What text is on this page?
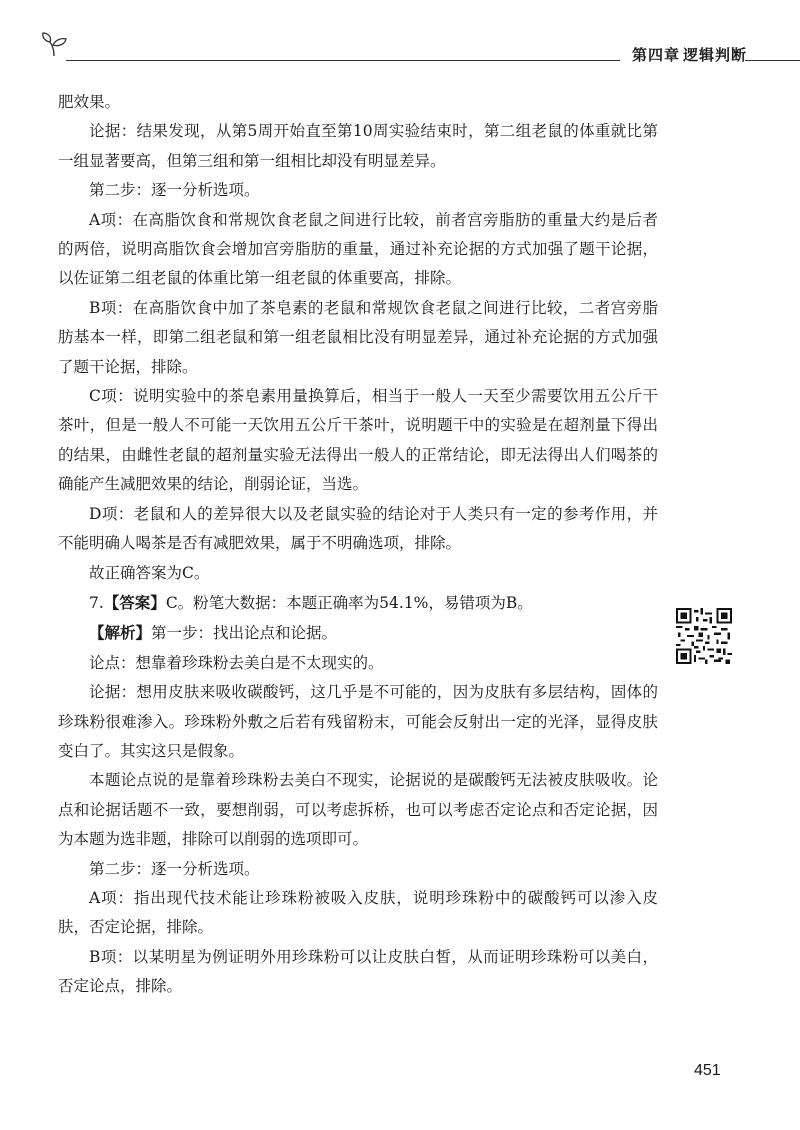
第四章 逻辑判断

肥效果。

论据：结果发现，从第5周开始直至第10周实验结束时，第二组老鼠的体重就比第一组显著要高，但第三组和第一组相比却没有明显差异。

第二步：逐一分析选项。

A项：在高脂饮食和常规饮食老鼠之间进行比较，前者宫旁脂肪的重量大约是后者的两倍，说明高脂饮食会增加宫旁脂肪的重量，通过补充论据的方式加强了题干论据，以佐证第二组老鼠的体重比第一组老鼠的体重要高，排除。

B项：在高脂饮食中加了茶皂素的老鼠和常规饮食老鼠之间进行比较，二者宫旁脂肪基本一样，即第二组老鼠和第一组老鼠相比没有明显差异，通过补充论据的方式加强了题干论据，排除。

C项：说明实验中的茶皂素用量换算后，相当于一般人一天至少需要饮用五公斤干茶叶，但是一般人不可能一天饮用五公斤干茶叶，说明题干中的实验是在超剂量下得出的结果，由雌性老鼠的超剂量实验无法得出一般人的正常结论，即无法得出人们喝茶的确能产生减肥效果的结论，削弱论证，当选。

D项：老鼠和人的差异很大以及老鼠实验的结论对于人类只有一定的参考作用，并不能明确人喝茶是否有减肥效果，属于不明确选项，排除。

故正确答案为C。

7.【答案】C。粉笔大数据：本题正确率为54.1%，易错项为B。

【解析】第一步：找出论点和论据。

论点：想靠着珍珠粉去美白是不太现实的。

论据：想用皮肤来吸收碳酸钙，这几乎是不可能的，因为皮肤有多层结构，固体的珍珠粉很难渗入。珍珠粉外敷之后若有残留粉末，可能会反射出一定的光泽，显得皮肤变白了。其实这只是假象。

本题论点说的是靠着珍珠粉去美白不现实，论据说的是碳酸钙无法被皮肤吸收。论点和论据话题不一致，要想削弱，可以考虑拆桥，也可以考虑否定论点和否定论据，因为本题为选非题，排除可以削弱的选项即可。

第二步：逐一分析选项。

A项：指出现代技术能让珍珠粉被吸入皮肤，说明珍珠粉中的碳酸钙可以渗入皮肤，否定论据，排除。

B项：以某明星为例证明外用珍珠粉可以让皮肤白皙，从而证明珍珠粉可以美白，否定论点，排除。

451
